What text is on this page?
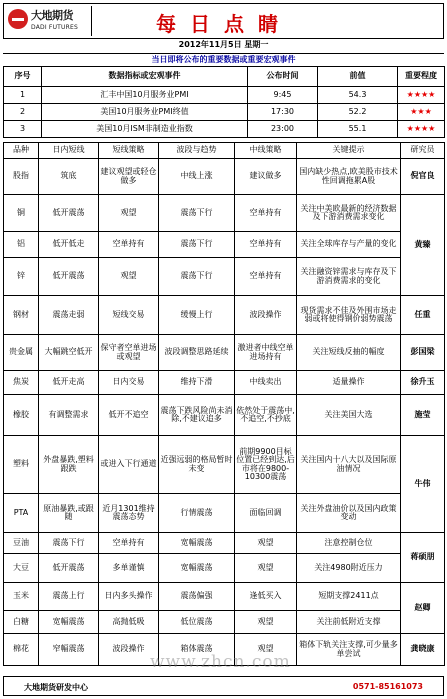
大地期货
DADI FUTURES	每日点睛
2012年11月5日 星期一
当日即将公布的重要数据或重要宏观事件
序号	数据指标或宏观事件	公布时间	前值	重要程度
1	汇丰中国10月服务业PMI	9:45	54.3	★★★★
2	美国10月服务业PMI终值	17:30	52.2	★★★
3	美国10月ISM非制造业指数	23:00	55.1	★★★★
品种	日内短线	短线策略	波段与趋势	中线策略	关键提示	研究员
股指	筑底	建议观望或轻仓做多	中线上涨	建议做多	国内缺少热点,欧美股市技术性回调拖累A股	倪官良
铜	低开震荡	观望	震荡下行	空单持有	关注中美欧最新的经济数据及下游消费需求变化	黄臻
铝	低开低走	空单持有	震荡下行	空单持有	关注全球库存与产量的变化	
锌	低开震荡	观望	震荡下行	空单持有	关注融资锌需求与库存及下游消费需求的变化	
钢材	震荡走弱	短线交易	缓慢上行	波段操作	现货需求不佳及外围市场走弱或将使得钢价弱势震荡	任重
贵金属	大幅跳空低开	保守者空单进场或观望	波段调整思路延续	激进者中线空单进场持有	关注短线反抽的幅度	彭国梁
焦炭	低开走高	日内交易	维持下滑	中线卖出	适量操作	徐升玉
橡胶	有调整需求	低开不追空	震荡下跌风险尚未消除,不建议追多	依然处于震荡中,不追空,不抄底	关注美国大选	施莹
塑料	外盘暴跌,塑料跟跌	或进入下行通道	近强远弱的格局暂时未变	前期9900目标位置已经到达,后市将在9800-10300震荡	关注国内十八大以及国际原油情况	牛伟
PTA	原油暴跌,或跟随	近月1301维持震荡态势	行情震荡	面临回调	关注外盘油价以及国内政策变动	
豆油	震荡下行	空单持有	宽幅震荡	观望	注意控制仓位	蒋硕朋
大豆	低开震荡	多单谨慎	宽幅震荡	观望	关注4980附近压力	
玉米	震荡上行	日内多头操作	震荡偏强	逢低买入	短期支撑2411点	赵卿
白糖	宽幅震荡	高抛低吸	低位震荡	观望	关注前低附近支撑	
棉花	窄幅震荡	波段操作	箱体震荡	观望	箱体下轨关注支撑,可少量多单尝试	龚晓康
www.zhcn.com
大地期货研发中心	0571-85161073
